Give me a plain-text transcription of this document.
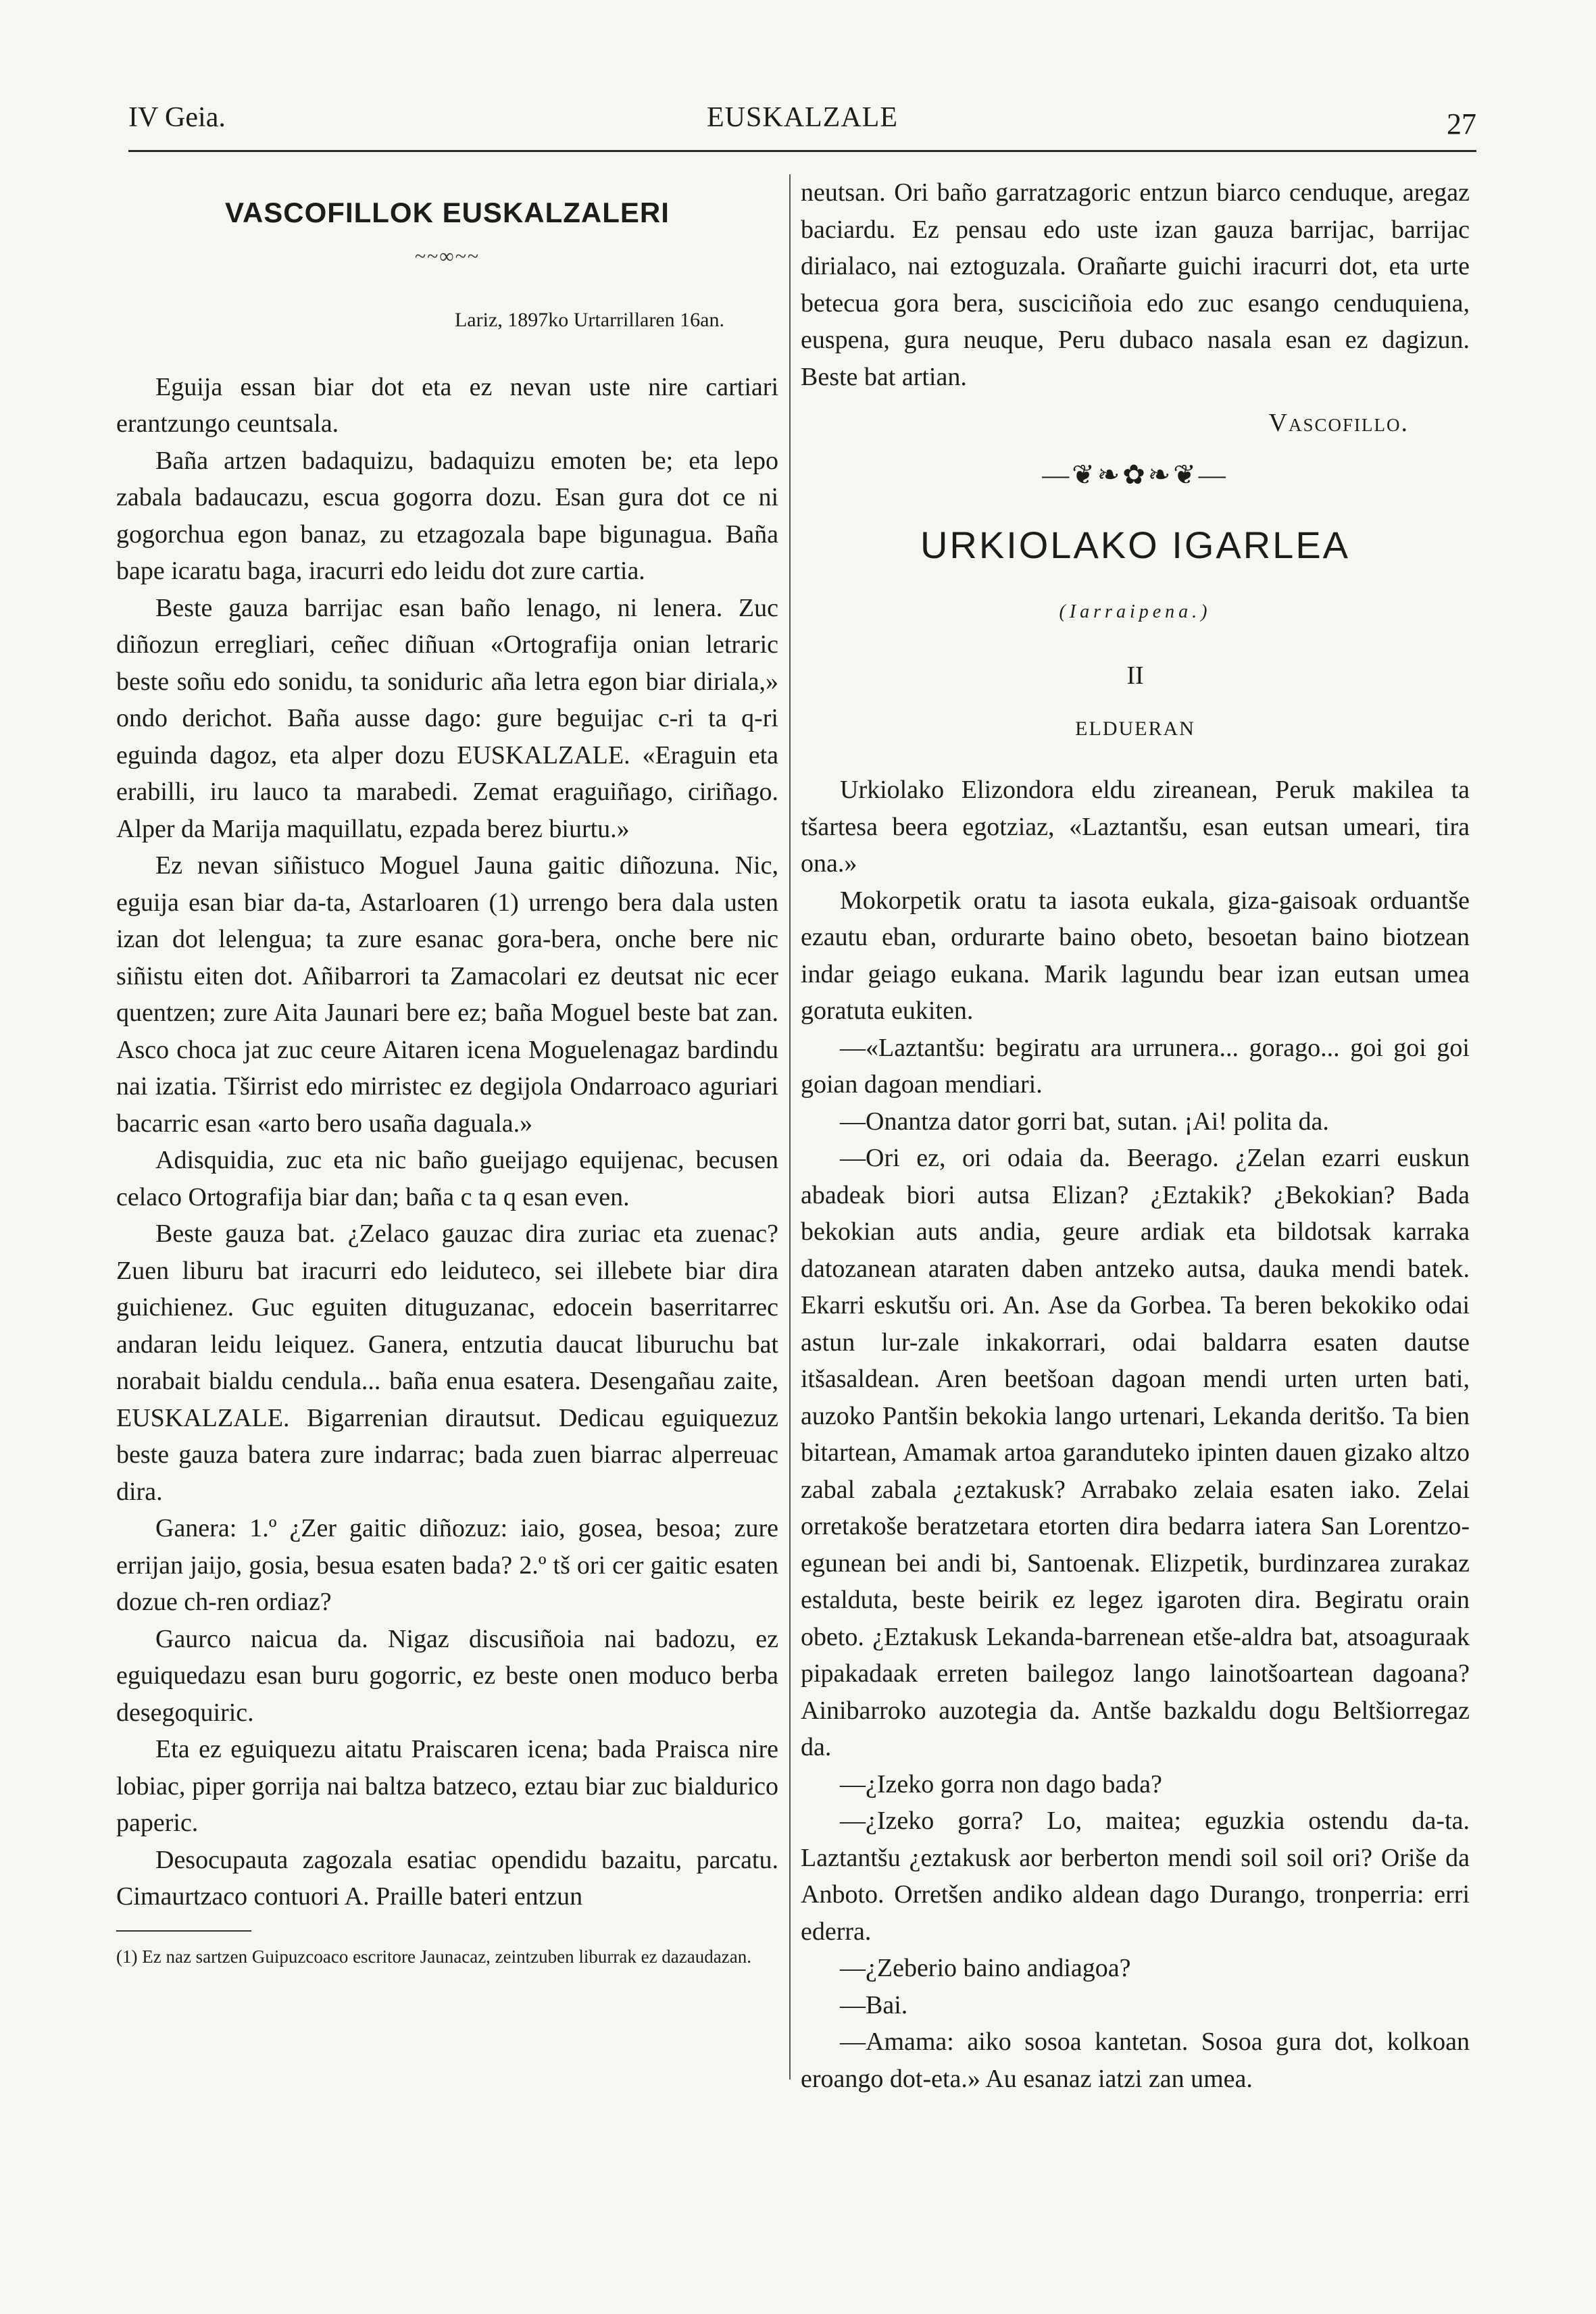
IV Geia.	EUSKALZALE	27
VASCOFILLOK EUSKALZALERI
~~∞~~
Lariz, 1897ko Urtarrillaren 16an.

Eguija essan biar dot eta ez nevan uste nire cartiari erantzungo ceuntsala.

Baña artzen badaquizu, badaquizu emoten be; eta lepo zabala badaucazu, escua gogorra dozu. Esan gura dot ce ni gogorchua egon banaz, zu etzagozala bape bigunagua. Baña bape icaratu baga, iracurri edo leidu dot zure cartia.

Beste gauza barrijac esan baño lenago, ni lenera. Zuc diñozun erregliari, ceñec diñuan «Ortografija onian letraric beste soñu edo sonidu, ta soniduric aña letra egon biar diriala,» ondo derichot. Baña ausse dago: gure beguijac c-ri ta q-ri eguinda dagoz, eta alper dozu EUSKALZALE. «Eraguin eta erabilli, iru lauco ta marabedi. Zemat eraguiñago, ciriñago. Alper da Marija maquillatu, ezpada berez biurtu.»

Ez nevan siñistuco Moguel Jauna gaitic diñozuna. Nic, eguija esan biar da-ta, Astarloaren (1) urrengo bera dala usten izan dot lelengua; ta zure esanac gora-bera, onche bere nic siñistu eiten dot. Añibarrori ta Zamacolari ez deutsat nic ecer quentzen; zure Aita Jaunari bere ez; baña Moguel beste bat zan. Asco choca jat zuc ceure Aitaren icena Moguelenagaz bardindu nai izatia. Tširrist edo mirristec ez degijola Ondarroaco aguriari bacarric esan «arto bero usaña daguala.»

Adisquidia, zuc eta nic baño gueijago equijenac, becusen celaco Ortografija biar dan; baña c ta q esan even.

Beste gauza bat. ¿Zelaco gauzac dira zuriac eta zuenac? Zuen liburu bat iracurri edo leiduteco, sei illebete biar dira guichienez. Guc eguiten dituguzanac, edocein baserritarrec andaran leidu leiquez. Ganera, entzutia daucat liburuchu bat norabait bialdu cendula... baña enua esatera. Desengañau zaite, EUSKALZALE. Bigarrenian dirautsut. Dedicau eguiquezuz bestе gauza batera zure indarrac; bada zuen biarrac alperreuac dira.

Ganera: 1.º ¿Zer gaitic diñozuz: iaio, gosea, besoa; zure errijan jaijo, gosia, besua esaten bada? 2.º tš ori cer gaitic esaten dozue ch-ren ordiaz?

Gaurco naicua da. Nigaz discusiñoia nai badozu, ez eguiquedazu esan buru gogorric, ez beste onen moduco berba desegoquiric.

Eta ez eguiquezu aitatu Praiscaren icena; bada Praisca nire lobiac, piper gorrija nai baltza batzeco, eztau biar zuc bialdurico paperic.

Desocupauta zagozala esatiac opendidu bazaitu, parcatu. Cimaurtzaco contuori A. Praille bateri entzun

(1) Ez naz sartzen Guipuzcoaco escritore Jaunacaz, zeintzuben liburrak ez dazaudazan.

neutsan. Ori baño garratzagoric entzun biarco cenduque, aregaz baciardu. Ez pensau edo uste izan gauza barrijac, barrijac dirialaco, nai eztoguzala. Orañarte guichi iracurri dot, eta urte betecua gora bera, susciciñoia edo zuc esango cenduquiena, euspena, gura neuque, Peru dubaco nasala esan ez dagizun. Beste bat artian.

Vascofillo.
—❦❧✿❧❦—
URKIOLAKO IGARLEA
(Iarraipena.)
II
ELDUERAN

Urkiolako Elizondora eldu zireanean, Peruk makilea ta tšartesa beera egotziaz, «Laztantšu, esan eutsan umeari, tira ona.»

Mokorpetik oratu ta iasota eukala, giza-gaisoak orduantše ezautu eban, ordurarte baino obeto, besoetan baino biotzean indar geiago eukana. Marik lagundu bear izan eutsan umea goratuta eukiten.

—«Laztantšu: begiratu ara urrunera... gorago... goi goi goi goian dagoan mendiari.

—Onantza dator gorri bat, sutan. ¡Ai! polita da.

—Ori ez, ori odaia da. Beerago. ¿Zelan ezarri euskun abadeak biori autsa Elizan? ¿Eztakik? ¿Bekokian? Bada bekokian auts andia, geure ardiak eta bildotsak karraka datozanean ataraten daben antzeko autsa, dauka mendi batek. Ekarri eskutšu ori. An. Ase da Gorbea. Ta beren bekokiko odai astun lur-zale inkakorrari, odai baldarra esaten dautse itšasaldean. Aren beetšoan dagoan mendi urten urten bati, auzoko Pantšin bekokia lango urtenari, Lekanda deritšo. Ta bien bitartean, Amamak artoa garanduteko ipinten dauen gizako altzo zabal zabala ¿eztakusk? Arrabako zelaia esaten iako. Zelai orretakoše beratzetara etorten dira bedarra iatera San Lorentzo-egunean bei andi bi, Santoenak. Elizpetik, burdinzarea zurakaz estalduta, bestе beirik ez legez igaroten dira. Begiratu orain obeto. ¿Eztakusk Lekanda-barrenean etše-aldra bat, atsoaguraak pipakadaak erreten bailegoz lango lainotšoartean dagoana? Ainibarroko auzotegia da. Antše bazkaldu dogu Beltšiorregaz da.

—¿Izeko gorra non dago bada?

—¿Izeko gorra? Lo, maitea; eguzkia ostendu da-ta. Laztantšu ¿eztakusk aor berberton mendi soil soil ori? Oriše da Anboto. Orretšen andiko aldean dago Durango, tronperria: erri ederra.

—¿Zeberio baino andiagoa?

—Bai.

—Amama: aiko sosoa kantetan. Sosoa gura dot, kolkoan eroango dot-eta.» Au esanaz iatzi zan umea.
